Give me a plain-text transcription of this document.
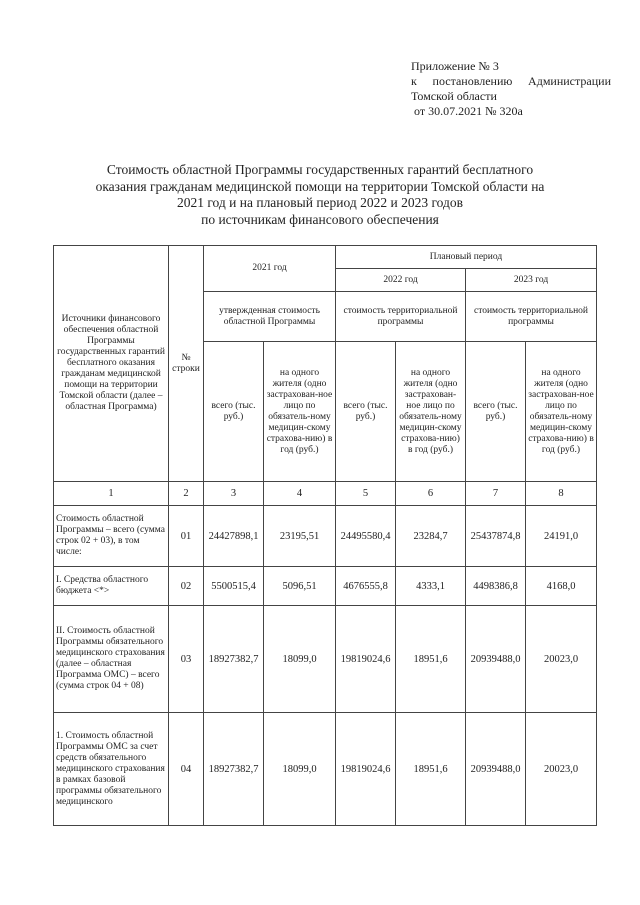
Приложение № 3
к постановлению Администрации
Томской области
от 30.07.2021 № 320а
Стоимость областной Программы государственных гарантий бесплатного
оказания гражданам медицинской помощи на территории Томской области на
2021 год и на плановый период 2022 и 2023 годов
по источникам финансового обеспечения
Источники финансового обеспечения областной Программы государственных гарантий бесплатного оказания гражданам медицинской помощи на территории Томской области (далее – областная Программа)	№ строки	2021 год		Плановый период			
				2022 год		2023 год	
		утвержденная стоимость областной Программы		стоимость территориальной программы		стоимость территориальной программы	
		всего (тыс. руб.)	на одного жителя (одно застрахован-ное лицо по обязатель-ному медицин-скому страхова-нию) в год (руб.)	всего (тыс. руб.)	на одного жителя (одно застрахован-ное лицо по обязатель-ному медицин-скому страхова-нию) в год (руб.)	всего (тыс. руб.)	на одного жителя (одно застрахован-ное лицо по обязатель-ному медицин-скому страхова-нию) в год (руб.)
1	2	3	4	5	6	7	8
Стоимость областной Программы – всего (сумма строк 02 + 03), в том числе:	01	24427898,1	23195,51	24495580,4	23284,7	25437874,8	24191,0
I. Средства областного бюджета <*>	02	5500515,4	5096,51	4676555,8	4333,1	4498386,8	4168,0
II. Стоимость областной Программы обязательного медицинского страхования (далее – областная Программа ОМС) – всего (сумма строк 04 + 08)	03	18927382,7	18099,0	19819024,6	18951,6	20939488,0	20023,0
1. Стоимость областной Программы ОМС за счет средств обязательного медицинского страхования в рамках базовой программы обязательного медицинского	04	18927382,7	18099,0	19819024,6	18951,6	20939488,0	20023,0
